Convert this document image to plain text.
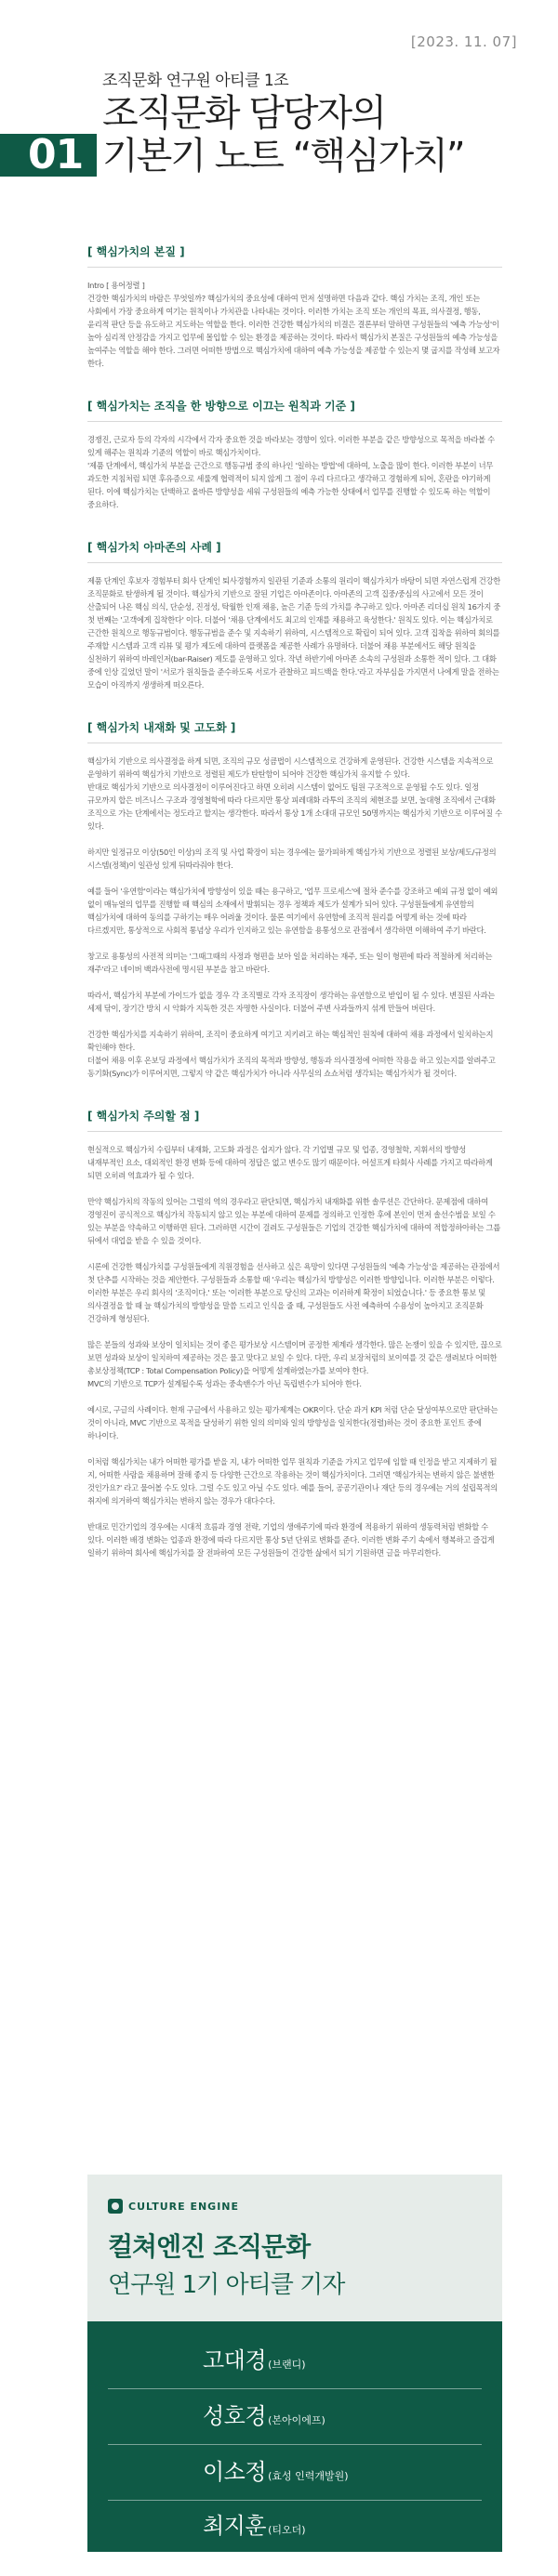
[2023. 11. 07]
01
조직문화 연구원 아티클 1조
조직문화 담당자의
기본기 노트 “핵심가치”
[ 핵심가치의 본질 ]

Intro [ 용어정렬 ]
건강한 핵심가치의 바람은 무엇일까? 핵심가치의 중요성에 대하여 먼저 설명하면 다음과 같다. 핵심 가치는 조직, 개인 또는 사회에서 가장 중요하게 여기는 원칙이나 가치관을 나타내는 것이다. 이러한 가치는 조직 또는 개인의 목표, 의사결정, 행동, 윤리적 판단 등을 유도하고 지도하는 역할을 한다. 이러한 건강한 핵심가치의 비결은 결론부터 말하면 구성원들의 '예측 가능성'이 높아 심리적 안정감을 가지고 업무에 몰입할 수 있는 환경을 제공하는 것이다. 따라서 핵심가치 본질은 구성원들의 예측 가능성을 높여주는 역할을 해야 한다. 그러면 어떠한 방법으로 핵심가치에 대하여 예측 가능성을 제공할 수 있는지 몇 굽지를 작성해 보고자 한다.

[ 핵심가치는 조직을 한 방향으로 이끄는 원칙과 기준 ]

경쟁진, 근로자 등의 각자의 시각에서 각자 중요한 것을 바라보는 경향이 있다. 이러한 부분을 같은 방향성으로 목적을 바라볼 수 있게 해주는 원칙과 기준의 역할이 바로 핵심가치이다.
'제품 단계에서, 핵심가치 부분을 근간으로 행동규범 중의 하나인 '일하는 방법'에 대하여, 노출을 많이 한다. 이러한 부분이 너무 과도한 지침처럼 되면 후유증으로 세룰계 협력적이 되지 않게 그 점이 우리 다르다고 생각하고 경험하게 되어, 혼란을 야기하게 된다. 이에 핵심가치는 단백하고 올바른 방향성을 세워 구성원들의 예측 가능한 상태에서 업무를 진행할 수 있도록 하는 역할이 중요하다.

[ 핵심가치 아마존의 사례 ]

제품 단계인 후보자 경험부터 회사 단계인 퇴사경험까지 일관된 기준과 소통의 원리이 핵심가치가 바탕이 되면 자연스럽게 건강한 조직문화로 탄생하게 될 것이다. 핵심가치 기반으로 잘된 기업은 아마존이다. 아마존의 고객 집중/중심의 사고에서 모든 것이 산출되어 나온 핵심 의식, 단순성, 진정성, 탁월한 인재 채용, 높은 기준 등의 가치를 추구하고 있다. 아마존 리더십 원칙 16가지 중 첫 번째는 '고객에게 집착한다' 이다. 더불어 '채용 단계에서도 최고의 인재를 채용하고 육성한다.' 원칙도 있다. 이는 핵심가치로 근간한 원칙으로 행동규범이다. 행동규범을 준수 및 지속하기 위하여, 시스템적으로 확립이 되어 있다. 고객 집착을 위하여 회의를 주재할 시스템과 고객 리뷰 및 평가 제도에 대하여 플랫폼을 제공한 사례가 유명하다. 더불어 채용 부분에서도 해당 원칙을 실천하기 위하여 바레인저(bar-Raiser) 제도를 운영하고 있다. 작년 하반기에 아마존 소속의 구성원과 소통한 적이 있다. 그 대화 중에 인상 깊었던 말이 '서로가 원칙들을 준수하도록 서로가 관찰하고 피드백을 한다.'라고 자부심을 가지면서 나에게 말을 전하는 모습이 아직까지 생생하게 떠오른다.

[ 핵심가치 내재화 및 고도화 ]

핵심가치 기반으로 의사결정을 하게 되면, 조직의 규모 성큼법이 시스템적으로 건강하게 운영된다. 건강한 시스템을 지속적으로 운영하기 위하여 핵심가치 기반으로 정렬된 제도가 탄탄함이 되어야 건강한 핵심가치 유지할 수 있다.
반대로 핵심가치 기반으로 의사결정이 이루어진다고 하면 오히려 시스템이 없어도 팀원 구조적으로 운영될 수도 있다. 일정 규모까지 합은 비즈니스 구조과 경영철학에 따라 다르지만 통상 피레대화 라투의 조직의 체현조를 보면, 놀대형 조직에서 근대화 조직으로 가는 단계에서는 정도라고 할지는 생각한다. 따라서 통상 1개 소대대 규모인 50명까지는 핵심가치 기반으로 이루어질 수 있다.

하지만 일정규모 이상(50인 이상)의 조직 및 사업 확장이 되는 경우에는 물가피하게 핵심가치 기반으로 정렬된 보상/제도/규정의 시스템(정책)이 일관성 있게 뒤따라줘야 한다.

예를 들어 '유연함'이라는 핵심가치에 방향성이 있을 때는 용구하고, '업무 프로세스'에 절차 준수를 강조하고 예외 규정 없이 예외 없이 매뉴얼의 업무를 진행할 때 핵심의 소재에서 발휘되는 경우 정책과 제도가 설계가 되어 있다. 구성원들에게 유연함의 핵심가치에 대하여 동의를 구하기는 매우 어려울 것이다. 물론 여기에서 유연함에 조직적 원리를 어떻게 하는 것에 따라 다르겠지만, 통상적으로 사회적 통념상 우리가 인지하고 있는 유연함을 용통성으로 관점에서 생각하면 이해하여 주기 바란다.

창고로 용통성의 사전적 의미는 '그때그때의 사정과 형편을 보아 일을 처리하는 재주, 또는 일이 형편에 따라 적절하게 처리하는 재주'라고 네이버 백과사전에 명시된 부분을 참고 바란다.

따라서, 핵심가치 부분에 가이드가 없을 경우 각 조직별로 각자 조직장이 생각하는 유연함으로 받입이 될 수 있다. 변질된 사과는 세제 닦이, 장기간 방치 시 악화가 지독한 것은 자명한 사실이다. 더불어 주변 사과들까지 섞게 만들어 버린다.

건강한 핵심가치를 지속하기 위하여, 조직이 중요하게 여기고 지키려고 하는 핵심적인 원칙에 대하여 채용 과정에서 일치하는지 확인해야 한다.
더불어 채용 이후 온보딩 과정에서 핵심가치가 조직의 목적과 방향성, 행동과 의사결정에 어떠한 작용을 하고 있는지를 알려주고 동기화(Sync)가 이루어지면, 그렇지 약 같은 핵심가치가 아니라 사무실의 쇼쇼처럼 생각되는 핵심가치가 될 것이다.

[ 핵심가치 주의할 점 ]

현실적으로 핵심가치 수립부터 내재화, 고도화 과정은 쉽지가 않다. 각 기업별 규모 및 업종, 경영철학, 지휘서의 방향성 내재부적인 요소, 대외적인 환경 변화 등에 대하여 정답은 없고 변수도 많기 때문이다. 어설프게 타회사 사례를 가지고 따라하게 되면 오히려 역효과가 될 수 있다.

만약 핵심가치의 작동의 있어는 그럴의 역의 경우라고 판단되면, 핵심가치 내재화를 위한 솔루션은 간단하다. 문제점에 대하여 경영진이 공식적으로 핵심가치 작동되지 않고 있는 부분에 대하여 문제를 정의하고 인정한 후에 본인이 먼저 솔선수범을 보일 수 있는 부분을 약속하고 이행하면 된다. 그러하면 시간이 걸려도 구성원들은 기업의 건강한 핵심가치에 대하여 적합정하아하는 그룹 뒤에서 대업을 받을 수 있을 것이다.

시론에 건강한 핵심가치를 구성원들에게 직원경험을 선사하고 싶은 욕망이 있다면 구성원들의 '예측 가능성'을 제공하는 관점에서 첫 단추를 시작하는 것을 제안한다. 구성원들과 소통할 때 '우리는 핵심가치 방향성은 이러한 방향입니다. 이러한 부분은 이렇다. 이러한 부분은 우리 회사의 '조직이다.' 또는 '이러한 부분으로 당신의 고과는 이러하게 확정이 되었습니다.' 등 중요한 통보 및 의사결정을 할 때 늘 핵심가치의 방향성을 말씀 드리고 인식을 줄 때, 구성원들도 사전 예측하여 수용성이 높아지고 조직문화 건강하게 형성된다.

많은 분들의 성과와 보상이 일치되는 것이 좋은 평가보상 시스템이며 공정한 제계라 생각한다. 많은 논쟁이 있을 수 있지만, 끊으로 보면 성과와 보상이 일치하여 제공하는 것은 물고 맞다고 보일 수 있다. 다만, 우리 보장처럼의 보이여를 것 같은 생려보다 어떠한 총보상정책(TCP : Total Compensation Policy)을 어떻게 설계하였는가를 보여야 한다.
MVC의 기반으로 TCP가 설계될수록 성과는 중속밴수가 아닌 독립변수가 되어야 한다.

예시로, 구글의 사례이다. 현재 구글에서 사용하고 있는 평가제계는 OKR이다. 단순 과거 KPI 처럼 단순 달성여부으로만 판단하는 것이 아니라, MVC 기반으로 목적을 달성하기 위한 일의 의미와 일의 방향성을 일치한다(정렬)하는 것이 중요한 포인트 중에 하나이다.

이처럼 핵심가치는 내가 어떠한 평가를 받을 지, 내가 어떠한 업무 원칙과 기준을 가지고 업무에 임할 때 인정을 받고 지제하기 될 지, 어떠한 사람을 채용하며 잘해 좋지 등 다양한 근간으로 작용하는 것이 핵심가치이다. 그러면 '핵심가치는 변하지 않은 불변한 것인가요?' 라고 물어볼 수도 있다. 그럴 수도 있고 아닐 수도 있다. 예를 들어, 공공기관이나 재단 등의 경우에는 거의 설립목적의 취지에 의거하여 핵심가치는 변하지 않는 경우가 대다수다.

반대로 민간기업의 경우에는 시대적 흐름과 경영 전략, 기업의 생애주기에 따라 환경에 적용하기 위하여 생동력처럼 변화할 수 있다. 이러한 배경 변화는 업종과 환경에 따라 다르지만 통상 5년 단위로 변화를 준다. 이러한 변화 주기 속에서 행복하고 즐겁게 일하기 위하여 회사에 핵심가치를 잘 전파하여 모든 구성원들이 건강한 삶에서 되기 기원하면 글을 마무리한다.

CULTURE ENGINE
컬쳐엔진 조직문화
연구원 1기 아티클 기자
고대경 (브랜디)
성호경 (본아이에프)
이소정 (효성 인력개발원)
최지훈 (티오더)
